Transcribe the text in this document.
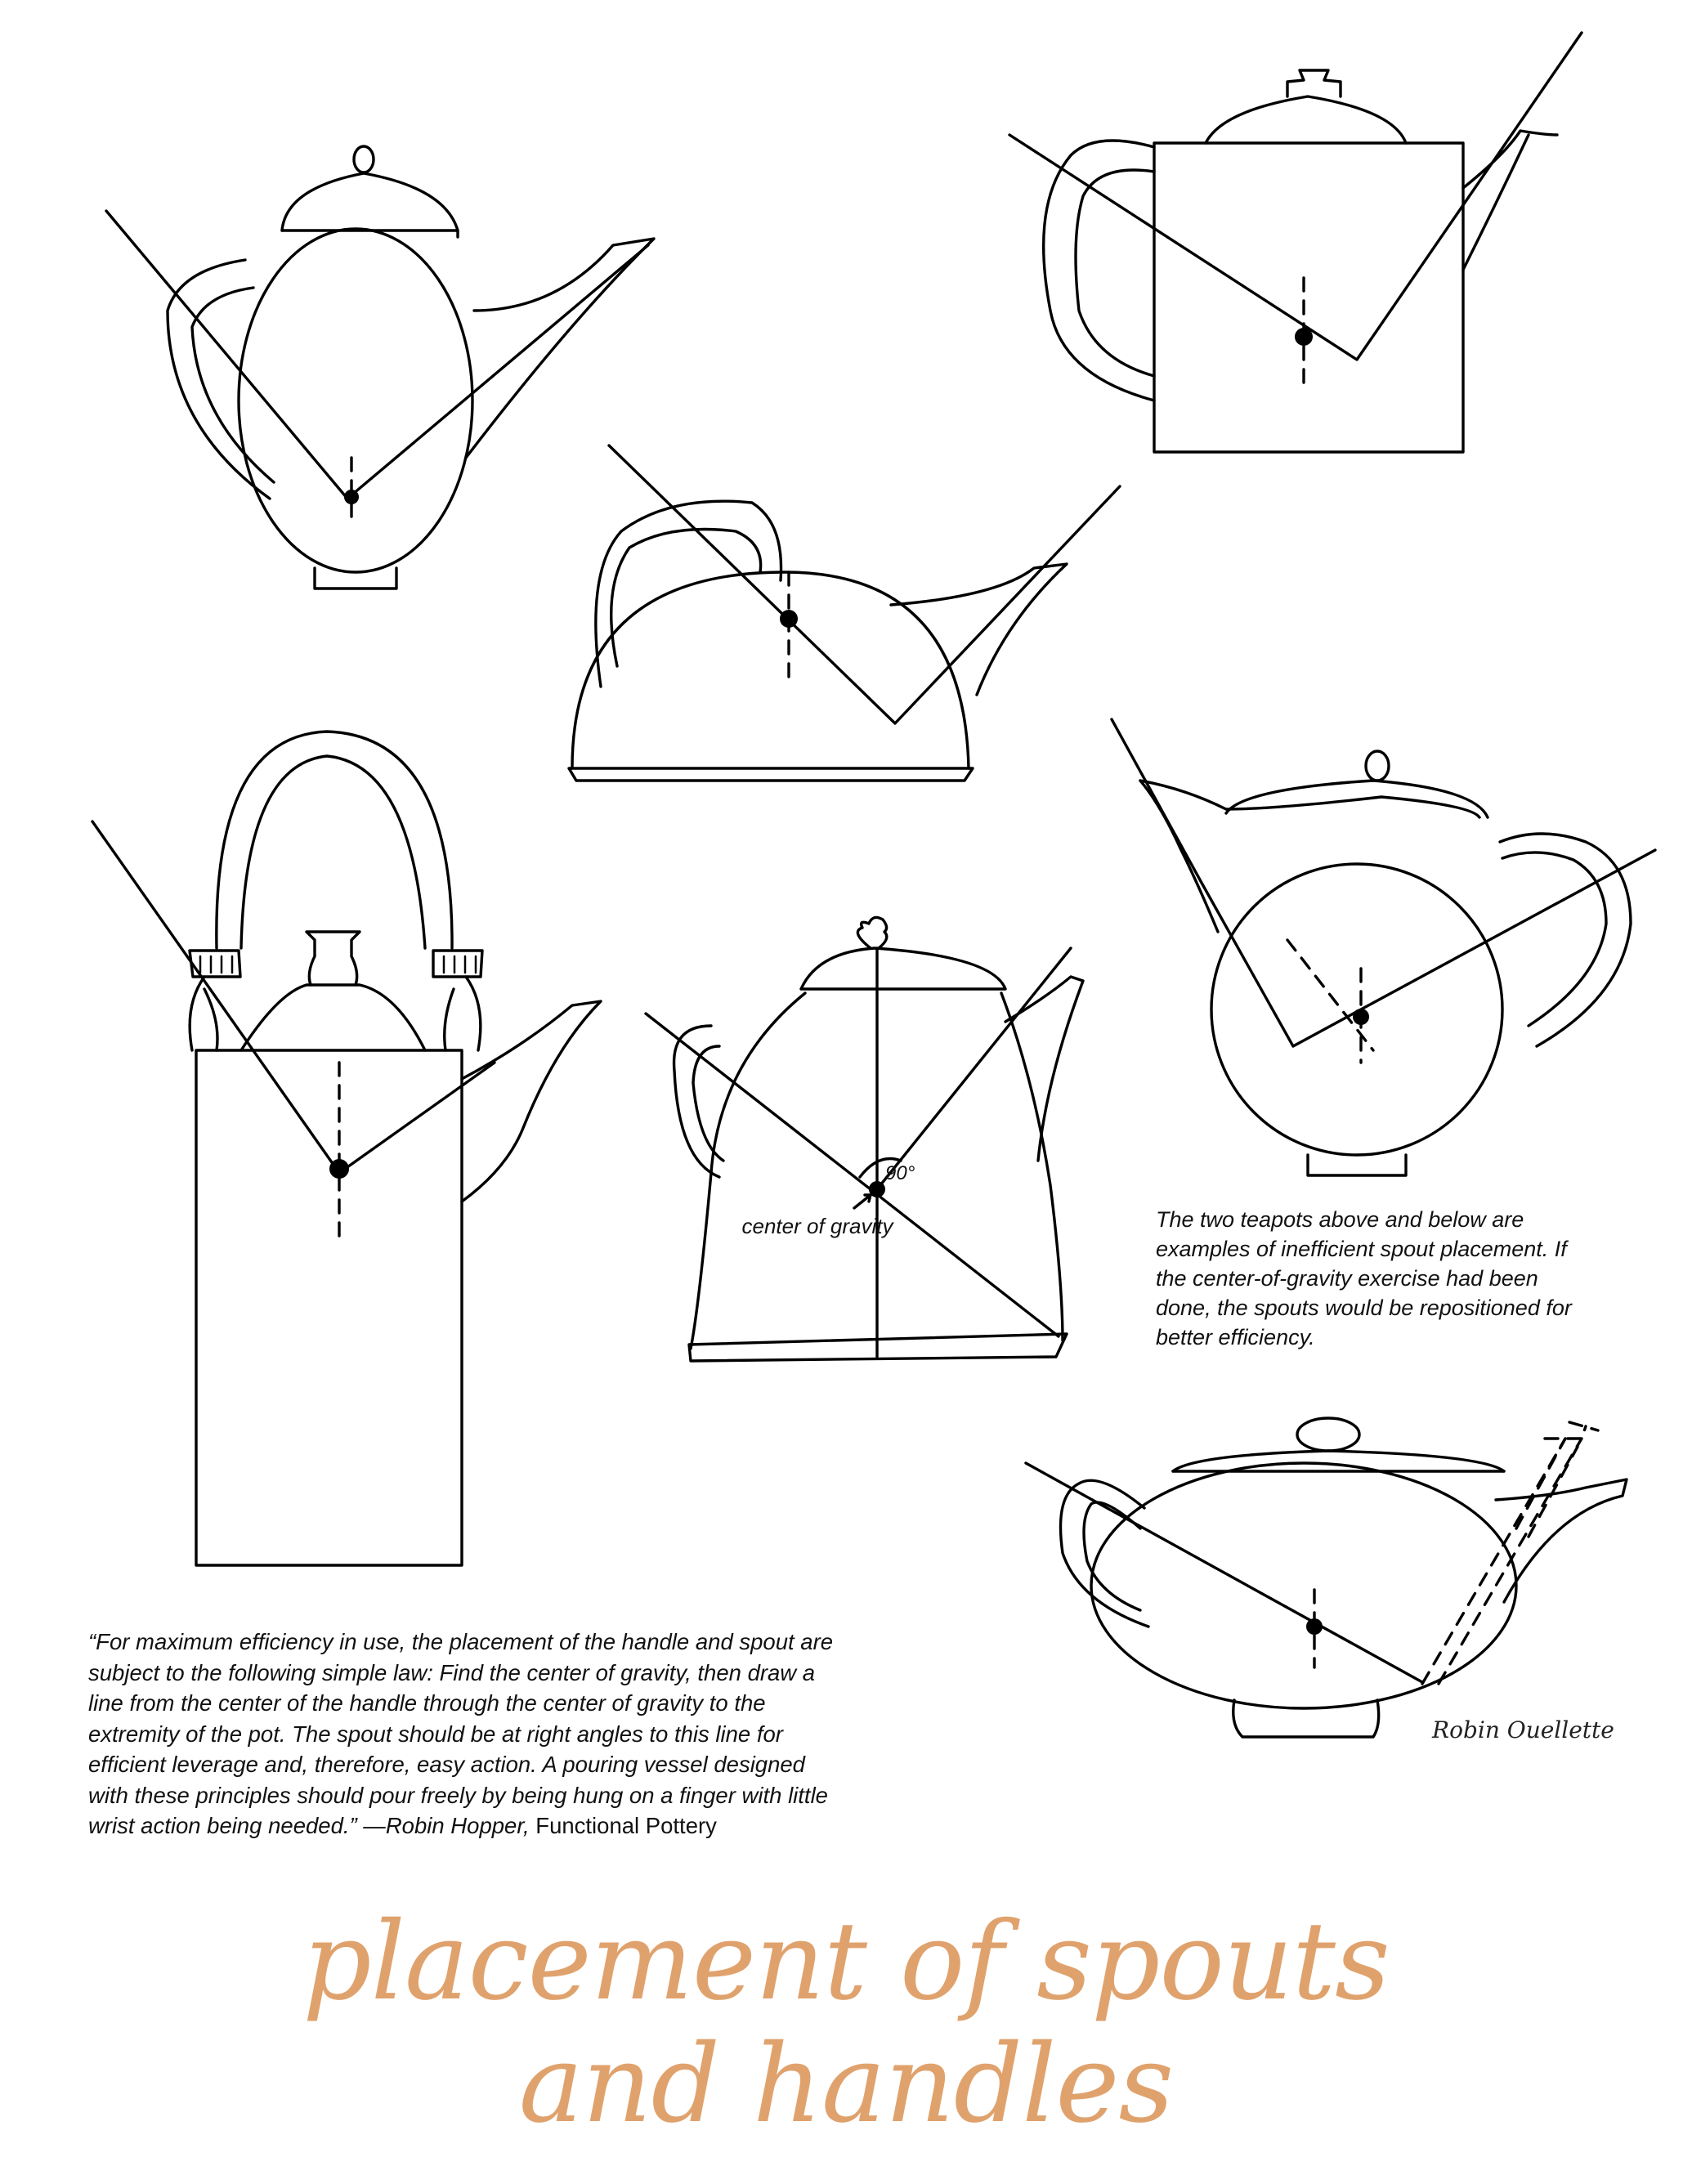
90°
center of gravity	The two teapots above and below are examples of inefficient spout placement. If the center-of-gravity exercise had been done, the spouts would be repositioned for better efficiency.
“For maximum efficiency in use, the placement of the handle and spout are subject to the following simple law: Find the center of gravity, then draw a line from the center of the handle through the center of gravity to the extremity of the pot. The spout should be at right angles to this line for efficient leverage and, therefore, easy action. A pouring vessel designed with these principles should pour freely by being hung on a finger with little wrist action being needed.” —Robin Hopper, Functional Pottery
Robin Ouellette
placement of spouts
and handles
